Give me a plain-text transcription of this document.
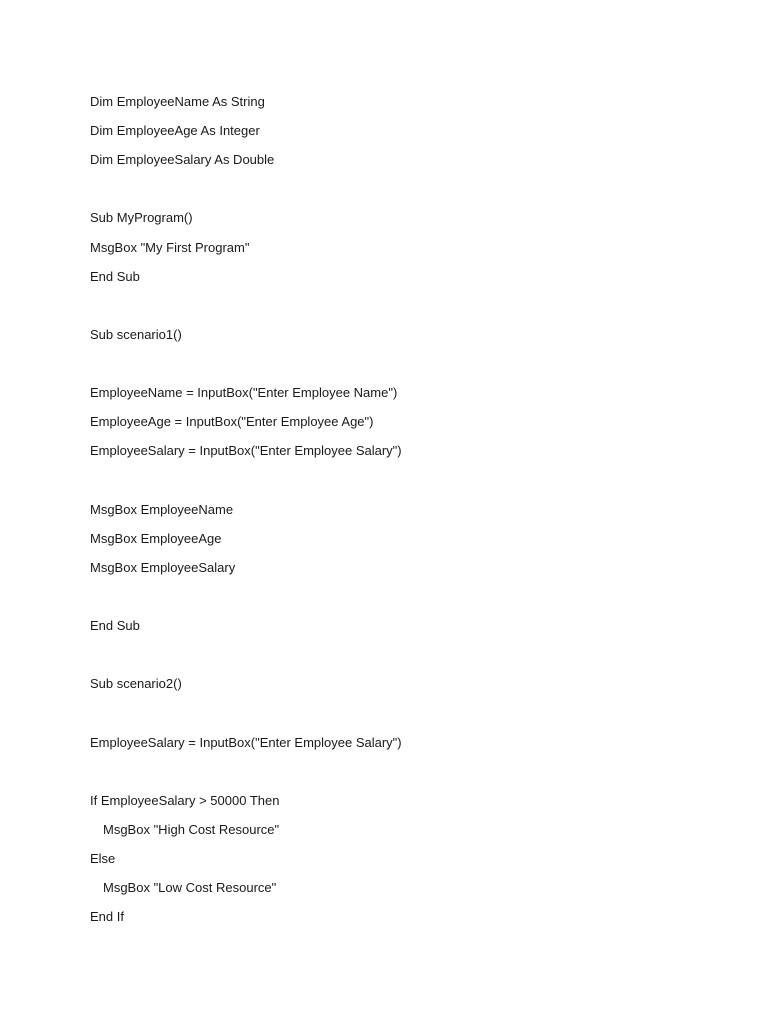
Dim EmployeeName As String
Dim EmployeeAge As Integer
Dim EmployeeSalary As Double
Sub MyProgram()
MsgBox "My First Program"
End Sub
Sub scenario1()
EmployeeName = InputBox("Enter Employee Name")
EmployeeAge = InputBox("Enter Employee Age")
EmployeeSalary = InputBox("Enter Employee Salary")
MsgBox EmployeeName
MsgBox EmployeeAge
MsgBox EmployeeSalary
End Sub
Sub scenario2()
EmployeeSalary = InputBox("Enter Employee Salary")
If EmployeeSalary > 50000 Then
MsgBox "High Cost Resource"
Else
MsgBox "Low Cost Resource"
End If
